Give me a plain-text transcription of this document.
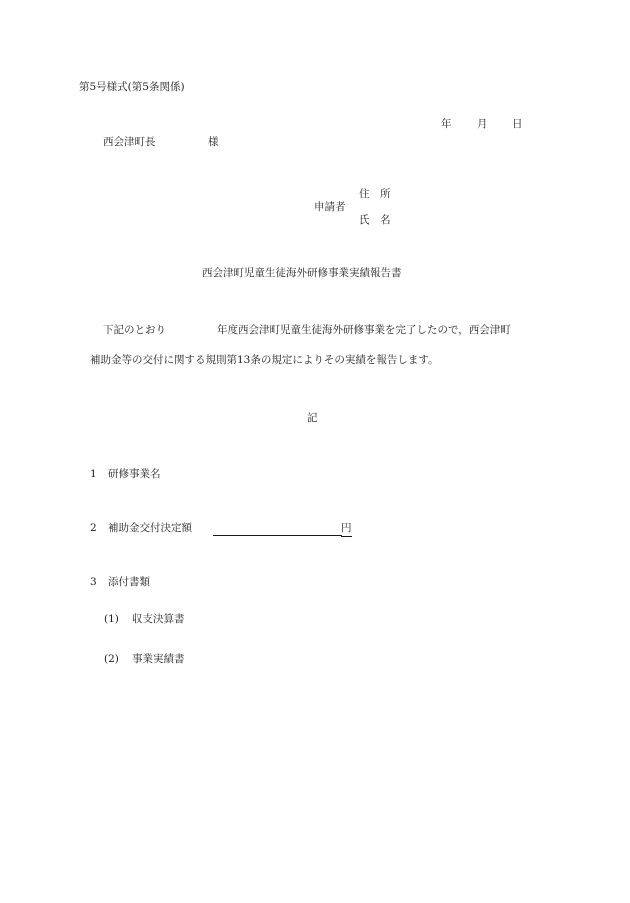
第5号様式(第5条関係)
年 月 日
西会津町長	様
住　所
申請者
氏　名
西会津町児童生徒海外研修事業実績報告書
下記のとおり	年度西会津町児童生徒海外研修事業を完了したので，西会津町
補助金等の交付に関する規則第13条の規定によりその実績を報告します。
記
1 研修事業名
2 補助金交付決定額	円
3 添付書類
(1) 収支決算書
(2) 事業実績書
